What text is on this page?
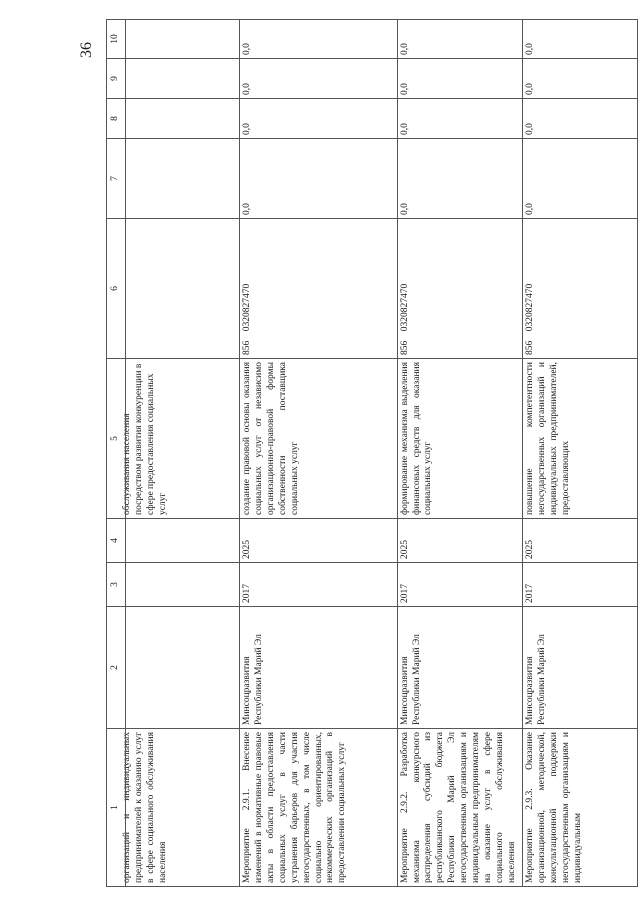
36
организаций и индивидуальных предпринимателей к оказанию услуг в сфере социального обслуживания населения				обслуживания населения посредством развития конкуренции в сфере предоставления социальных услуг					
Мероприятие 2.9.1. Внесение изменений в нормативные правовые акты в области предоставления социальных услуг в части устранения барьеров для участия негосударственных, в том числе социально ориентированных, некоммерческих организаций в предоставлении социальных услуг	Минсоцразвития Республики Марий Эл	2017	2025	создание правовой основы оказания социальных услуг от независимо организационно-правовой формы собственности поставщика социальных услуг	856    0320827470	0,0	0,0	0,0	0,0
Мероприятие 2.9.2. Разработка механизма конкурсного распределения субсидий из республиканского бюджета Республики Марий Эл негосударственным организациям и индивидуальным предпринимателям на оказание услуг в сфере социального обслуживания населения	Минсоцразвития Республики Марий Эл	2017	2025	формирование механизма выделения финансовых средств для оказания социальных услуг	856    0320827470	0,0	0,0	0,0	0,0
Мероприятие 2.9.3. Оказание организационной, методической, консультационной поддержки негосударственным организациям и индивидуальным	Минсоцразвития Республики Марий Эл	2017	2025	повышение компетентности негосударственных организаций и индивидуальных предпринимателей, предоставляющих	856    0320827470	0,0	0,0	0,0	0,0
1	2	3	4	5	6	7	8	9	10
